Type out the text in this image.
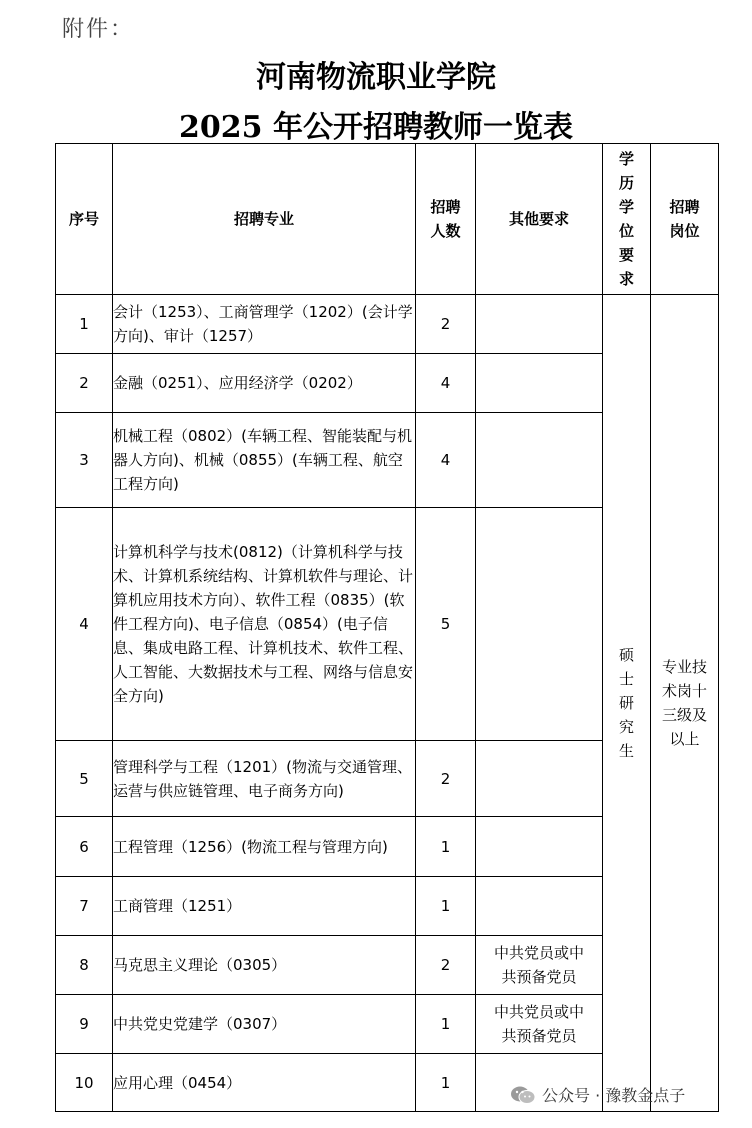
附件：
河南物流职业学院
2025 年公开招聘教师一览表
序号	招聘专业	招聘人数	其他要求	学历学位要求	招聘岗位
1	会计（1253）、工商管理学（1202）(会计学方向)、审计（1257）	2		硕士研究生	专业技术岗十三级及以上
2	金融（0251）、应用经济学（0202）	4			
3	机械工程（0802）(车辆工程、智能装配与机器人方向)、机械（0855）(车辆工程、航空工程方向)	4			
4	计算机科学与技术(0812)（计算机科学与技术、计算机系统结构、计算机软件与理论、计算机应用技术方向）、软件工程（0835）(软件工程方向)、电子信息（0854）(电子信息、集成电路工程、计算机技术、软件工程、人工智能、大数据技术与工程、网络与信息安全方向)	5			
5	管理科学与工程（1201）(物流与交通管理、运营与供应链管理、电子商务方向)	2			
6	工程管理（1256）(物流工程与管理方向)	1			
7	工商管理（1251）	1			
8	马克思主义理论（0305）	2	中共党员或中共预备党员		
9	中共党史党建学（0307）	1	中共党员或中共预备党员		
10	应用心理（0454）	1			
公众号 · 豫教金点子
